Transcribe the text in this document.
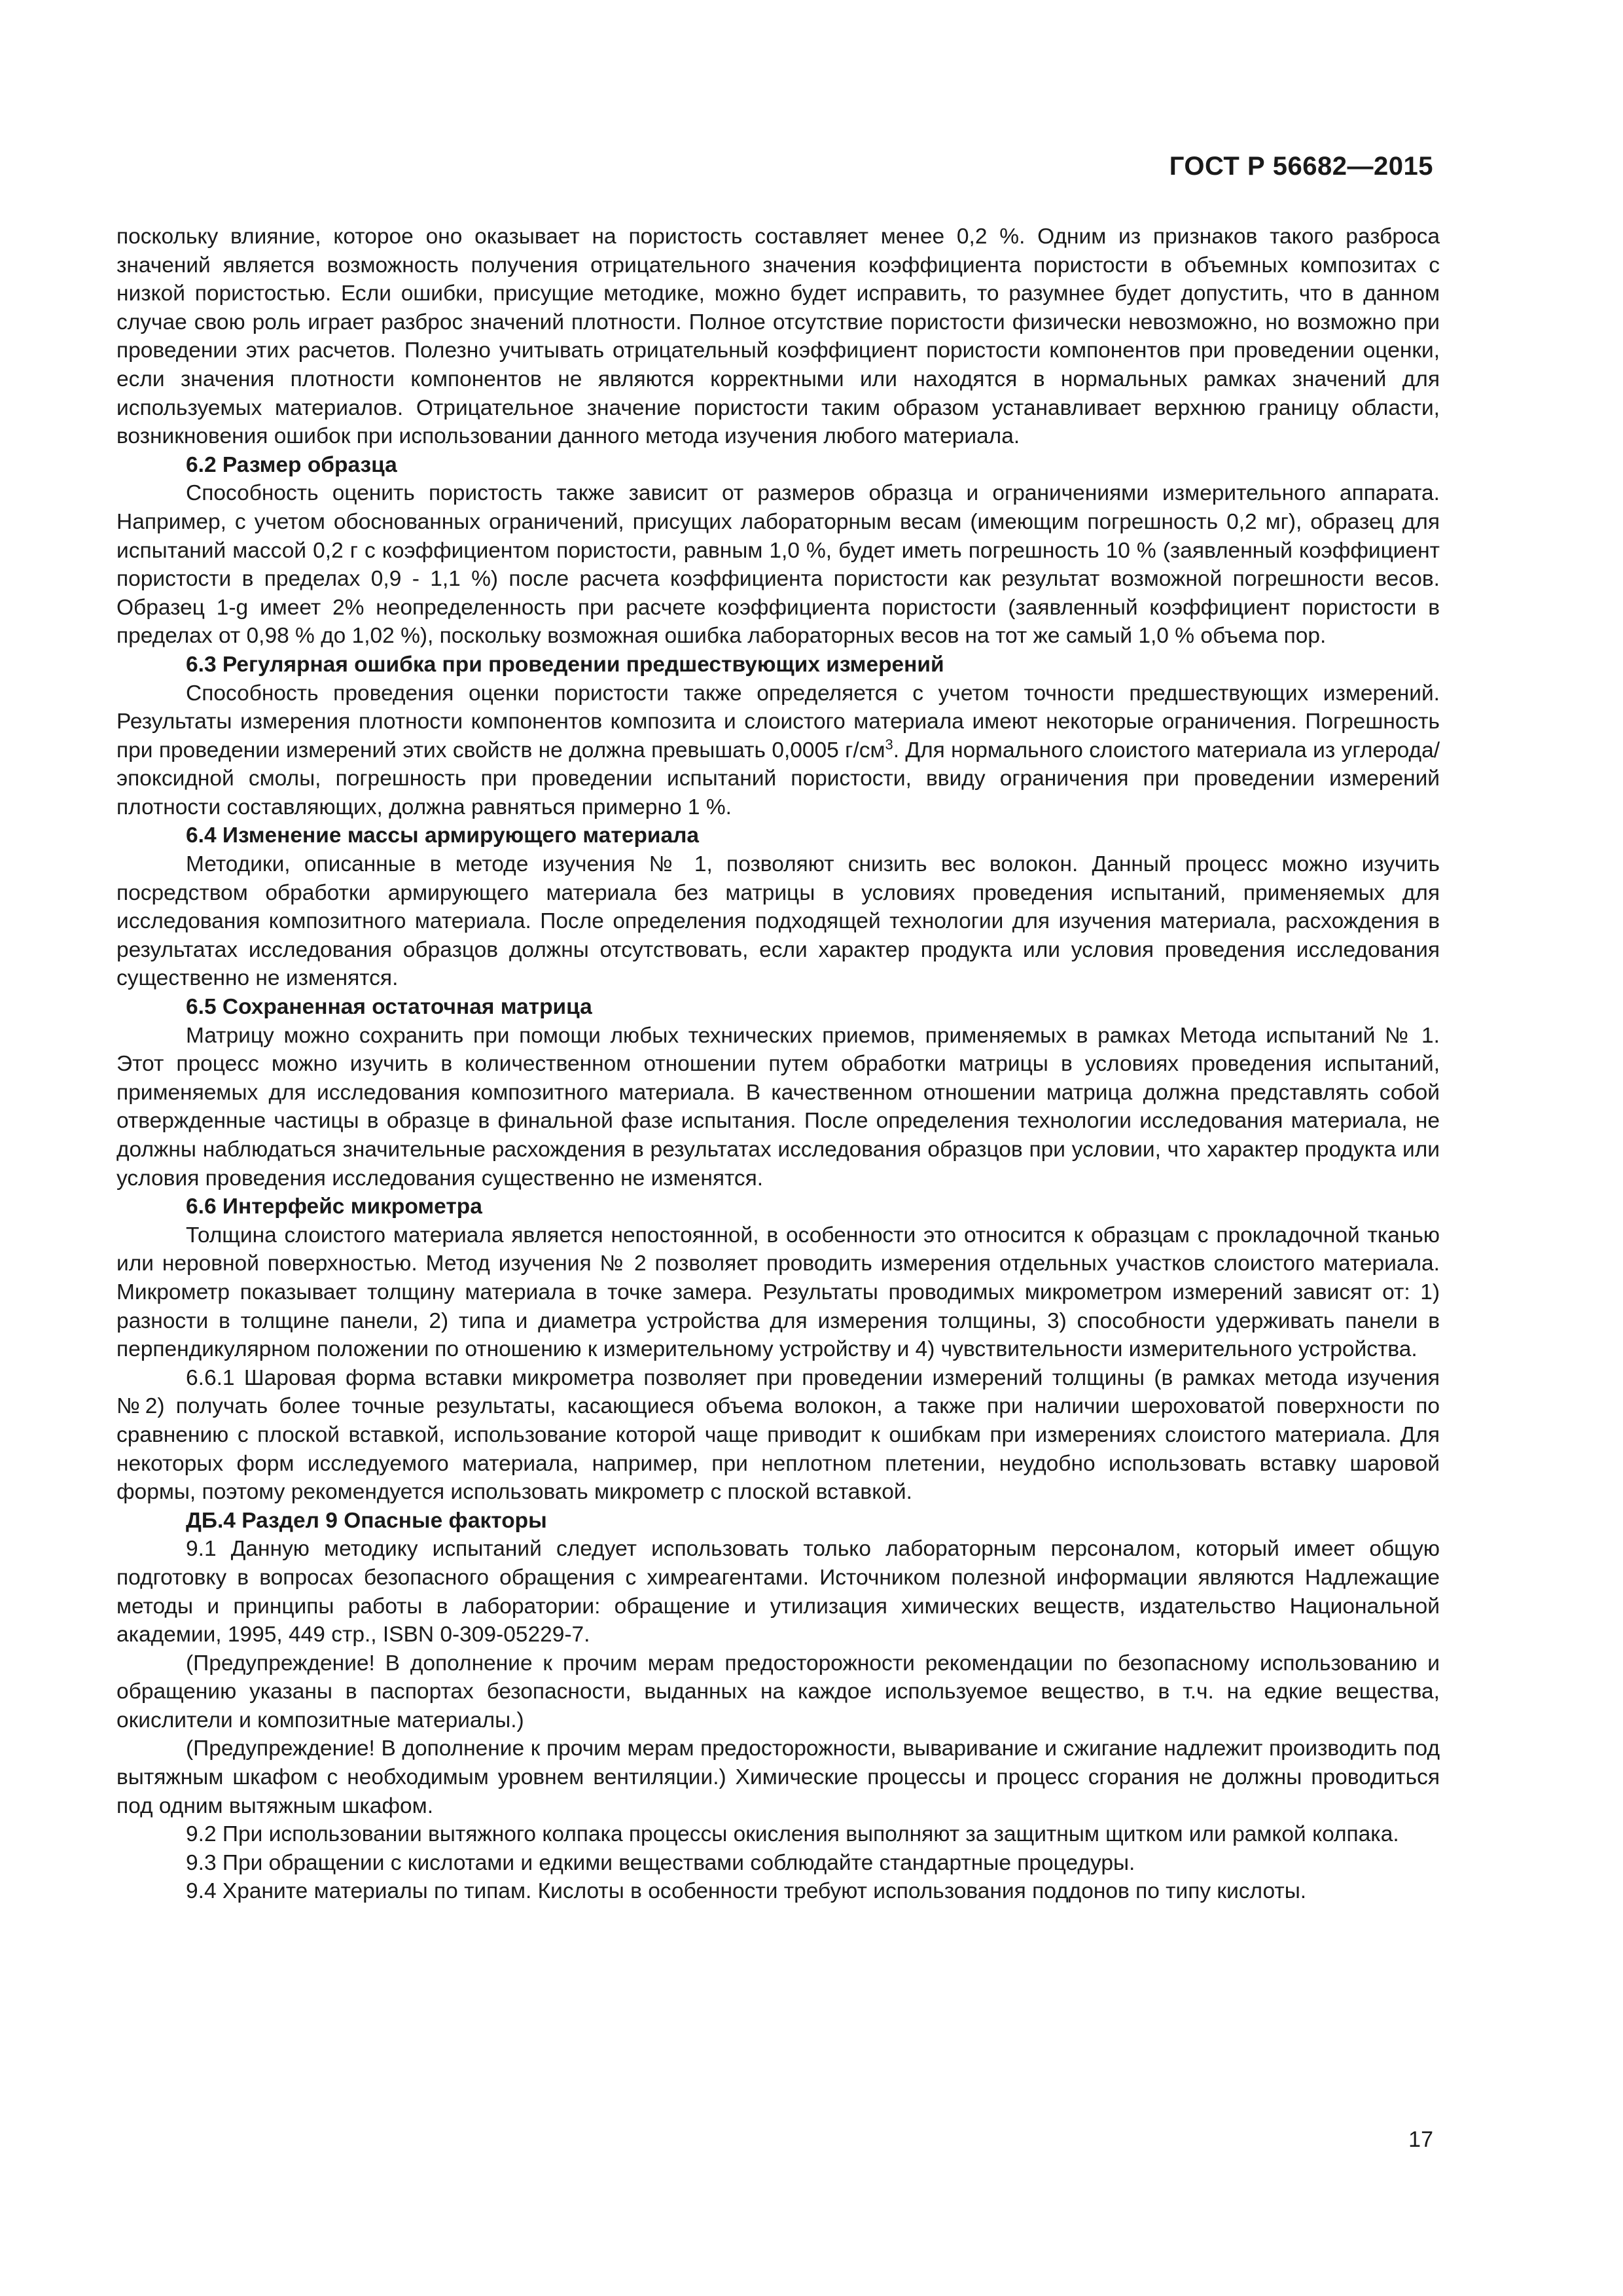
ГОСТ Р 56682—2015

поскольку влияние, которое оно оказывает на пористость составляет менее 0,2 %. Одним из признаков такого разброса значений является возможность получения отрицательного значения коэффициента пористости в объемных композитах с низкой пористостью. Если ошибки, присущие методике, можно будет исправить, то разумнее будет допустить, что в данном случае свою роль играет разброс значений плотности. Полное отсутствие пористости физически невозможно, но возможно при проведении этих расчетов. Полезно учитывать отрицательный коэффициент пористости компонентов при проведении оценки, если значения плотности компонентов не являются корректными или находятся в нормальных рамках значений для используемых материалов. Отрицательное значение пористости таким образом устанавливает верхнюю границу области, возникновения ошибок при использовании данного метода изучения любого материала.

6.2 Размер образца

Способность оценить пористость также зависит от размеров образца и ограничениями измерительного аппарата. Например, с учетом обоснованных ограничений, присущих лабораторным весам (имеющим погрешность 0,2 мг), образец для испытаний массой 0,2 г с коэффициентом пористости, равным 1,0 %, будет иметь погрешность 10 % (заявленный коэффициент пористости в пределах 0,9 - 1,1 %) после расчета коэффициента пористости как результат возможной погрешности весов. Образец 1-g имеет 2% неопределенность при расчете коэффициента пористости (заявленный коэффициент пористости в пределах от 0,98 % до 1,02 %), поскольку возможная ошибка лабораторных весов на тот же самый 1,0 % объема пор.

6.3 Регулярная ошибка при проведении предшествующих измерений

Способность проведения оценки пористости также определяется с учетом точности предшествующих измерений. Результаты измерения плотности компонентов композита и слоистого материала имеют некоторые ограничения. Погрешность при проведении измерений этих свойств не должна превышать 0,0005 $г/см^3$. Для нормального слоистого материала из углерода/эпоксидной смолы, погрешность при проведении испытаний пористости, ввиду ограничения при проведении измерений плотности составляющих, должна равняться примерно 1 %.

6.4 Изменение массы армирующего материала

Методики, описанные в методе изучения № 1, позволяют снизить вес волокон. Данный процесс можно изучить посредством обработки армирующего материала без матрицы в условиях проведения испытаний, применяемых для исследования композитного материала. После определения подходящей технологии для изучения материала, расхождения в результатах исследования образцов должны отсутствовать, если характер продукта или условия проведения исследования существенно не изменятся.

6.5 Сохраненная остаточная матрица

Матрицу можно сохранить при помощи любых технических приемов, применяемых в рамках Метода испытаний № 1. Этот процесс можно изучить в количественном отношении путем обработки матрицы в условиях проведения испытаний, применяемых для исследования композитного материала. В качественном отношении матрица должна представлять собой отвержденные частицы в образце в финальной фазе испытания. После определения технологии исследования материала, не должны наблюдаться значительные расхождения в результатах исследования образцов при условии, что характер продукта или условия проведения исследования существенно не изменятся.

6.6 Интерфейс микрометра

Толщина слоистого материала является непостоянной, в особенности это относится к образцам с прокладочной тканью или неровной поверхностью. Метод изучения № 2 позволяет проводить измерения отдельных участков слоистого материала. Микрометр показывает толщину материала в точке замера. Результаты проводимых микрометром измерений зависят от: 1) разности в толщине панели, 2) типа и диаметра устройства для измерения толщины, 3) способности удерживать панели в перпендикулярном положении по отношению к измерительному устройству и 4) чувствительности измерительного устройства.

6.6.1 Шаровая форма вставки микрометра позволяет при проведении измерений толщины (в рамках метода изучения №2) получать более точные результаты, касающиеся объема волокон, а также при наличии шероховатой поверхности по сравнению с плоской вставкой, использование которой чаще приводит к ошибкам при измерениях слоистого материала. Для некоторых форм исследуемого материала, например, при неплотном плетении, неудобно использовать вставку шаровой формы, поэтому рекомендуется использовать микрометр с плоской вставкой.

ДБ.4 Раздел 9 Опасные факторы

9.1 Данную методику испытаний следует использовать только лабораторным персоналом, который имеет общую подготовку в вопросах безопасного обращения с химреагентами. Источником полезной информации являются Надлежащие методы и принципы работы в лаборатории: обращение и утилизация химических веществ, издательство Национальной академии, 1995, 449 стр., ISBN 0-309-05229-7.

(Предупреждение! В дополнение к прочим мерам предосторожности рекомендации по безопасному использованию и обращению указаны в паспортах безопасности, выданных на каждое используемое вещество, в т.ч. на едкие вещества, окислители и композитные материалы.)

(Предупреждение! В дополнение к прочим мерам предосторожности, вываривание и сжигание надлежит производить под вытяжным шкафом с необходимым уровнем вентиляции.) Химические процессы и процесс сгорания не должны проводиться под одним вытяжным шкафом.

9.2 При использовании вытяжного колпака процессы окисления выполняют за защитным щитком или рамкой колпака.

9.3 При обращении с кислотами и едкими веществами соблюдайте стандартные процедуры.

9.4 Храните материалы по типам. Кислоты в особенности требуют использования поддонов по типу кислоты.

17
